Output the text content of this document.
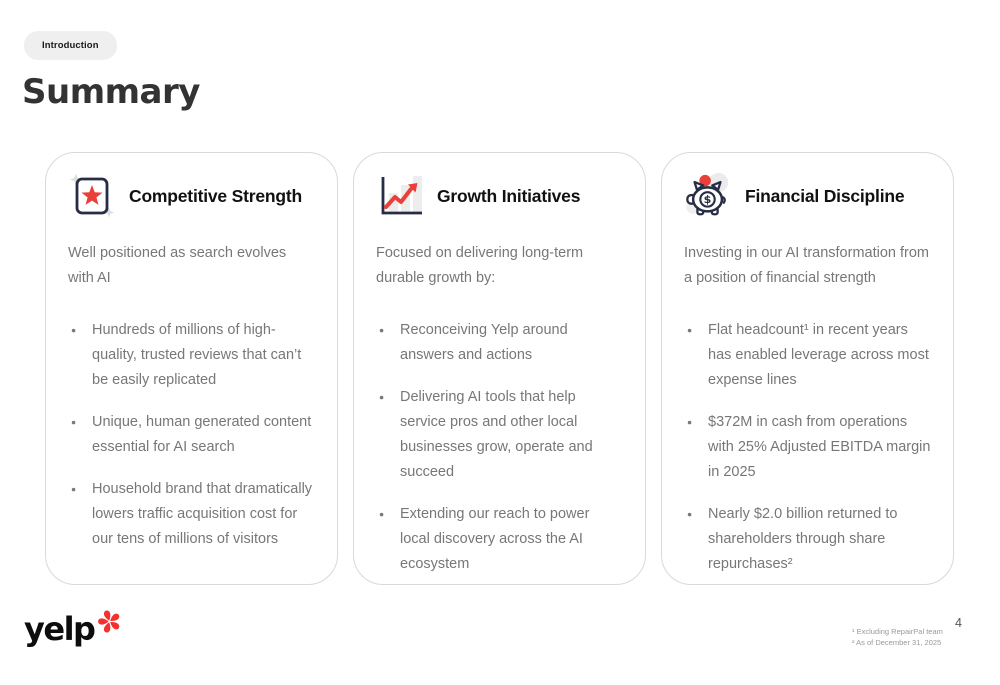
Introduction
Summary
Competitive Strength

Well positioned as search evolves with AI

● Hundreds of millions of high-quality, trusted reviews that can’t be easily replicated
● Unique, human generated content essential for AI search
● Household brand that dramatically lowers traffic acquisition cost for our tens of millions of visitors
Growth Initiatives

Focused on delivering long-term durable growth by:

● Reconceiving Yelp around answers and actions
● Delivering AI tools that help service pros and other local businesses grow, operate and succeed
● Extending our reach to power local discovery across the AI ecosystem
$ Financial Discipline

Investing in our AI transformation from a position of financial strength

● Flat headcount¹ in recent years has enabled leverage across most expense lines
● $372M in cash from operations with 25% Adjusted EBITDA margin in 2025
● Nearly $2.0 billion returned to shareholders through share repurchases²
yelp	¹ Excluding RepairPal team
² As of December 31, 2025
4
